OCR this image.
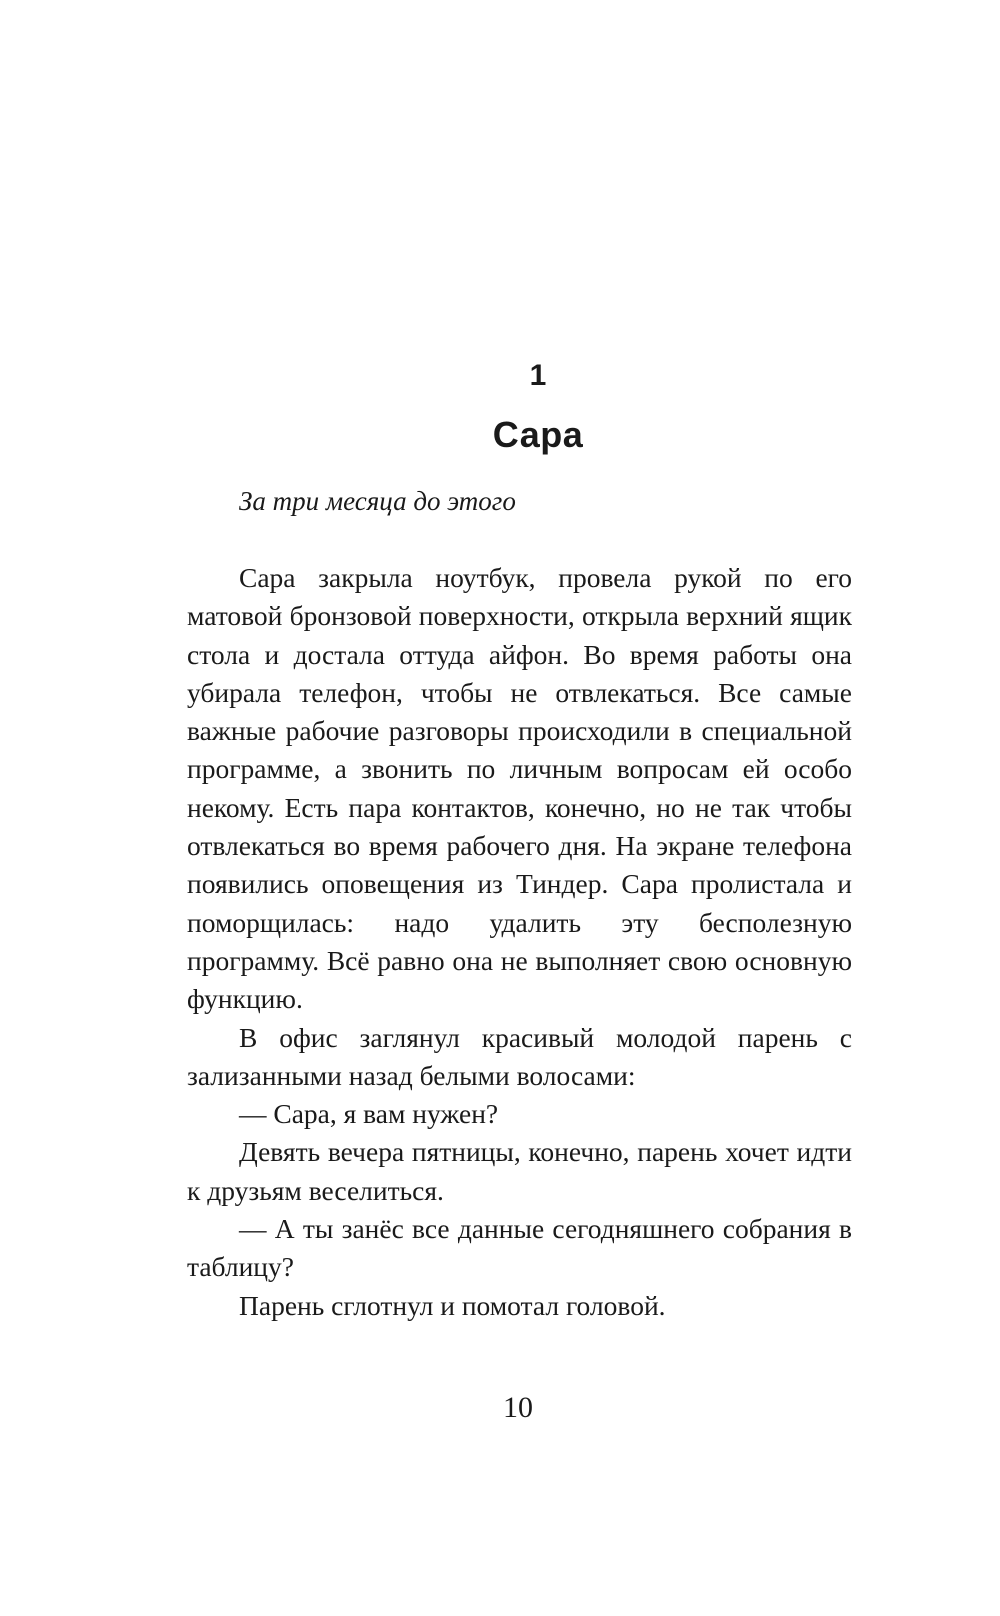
1
Сара
За три месяца до этого

Сара закрыла ноутбук, провела рукой по его матовой бронзовой поверхности, открыла верхний ящик стола и достала оттуда айфон. Во время работы она убирала телефон, чтобы не отвлекаться. Все самые важные рабочие разговоры происходили в специальной программе, а звонить по личным вопросам ей особо некому. Есть пара контактов, конечно, но не так чтобы отвлекаться во время рабочего дня. На экране телефона появились оповещения из Тиндер. Сара пролистала и поморщилась: надо удалить эту бесполезную программу. Всё равно она не выполняет свою основную функцию.

В офис заглянул красивый молодой парень с зализанными назад белыми волосами:

— Сара, я вам нужен?

Девять вечера пятницы, конечно, парень хочет идти к друзьям веселиться.

— А ты занёс все данные сегодняшнего собрания в таблицу?

Парень сглотнул и помотал головой.

10
